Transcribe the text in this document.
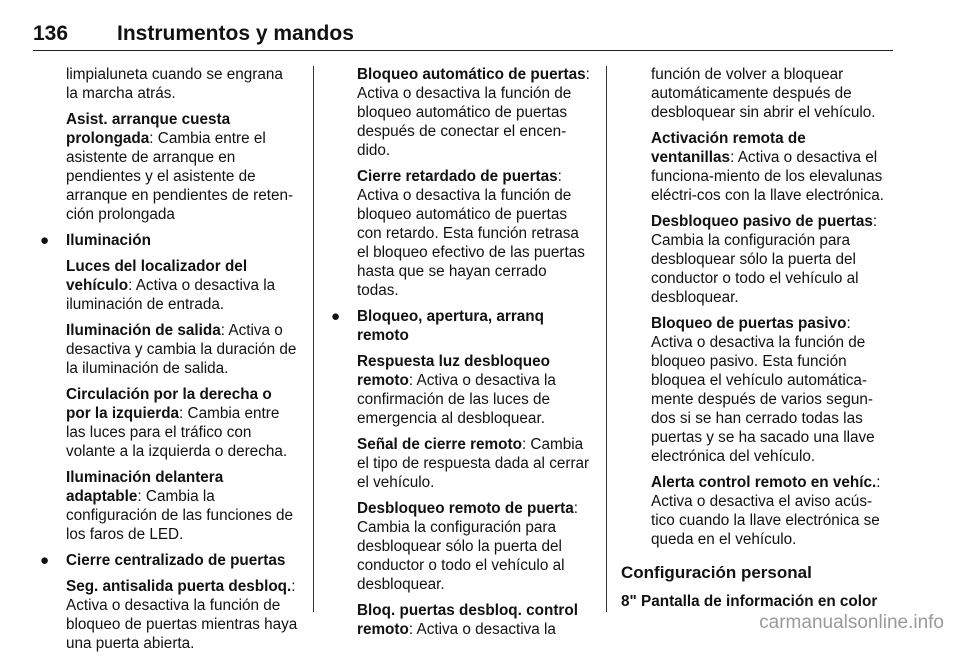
136 Instrumentos y mandos

limpialuneta cuando se engrana la marcha atrás.

Asist. arranque cuesta prolongada: Cambia entre el asistente de arranque en pendientes y el asistente de arranque en pendientes de reten‐ción prolongada

● Iluminación

Luces del localizador del vehículo: Activa o desactiva la iluminación de entrada.

Iluminación de salida: Activa o desactiva y cambia la duración de la iluminación de salida.

Circulación por la derecha o por la izquierda: Cambia entre las luces para el tráfico con volante a la izquierda o derecha.

Iluminación delantera adaptable: Cambia la configuración de las funciones de los faros de LED.

● Cierre centralizado de puertas

Seg. antisalida puerta desbloq.: Activa o desactiva la función de bloqueo de puertas mientras haya una puerta abierta.

Bloqueo automático de puertas: Activa o desactiva la función de bloqueo automático de puertas después de conectar el encen‐dido.

Cierre retardado de puertas: Activa o desactiva la función de bloqueo automático de puertas con retardo. Esta función retrasa el bloqueo efectivo de las puertas hasta que se hayan cerrado todas.

● Bloqueo, apertura, arranq remoto

Respuesta luz desbloqueo remoto: Activa o desactiva la confirmación de las luces de emergencia al desbloquear.

Señal de cierre remoto: Cambia el tipo de respuesta dada al cerrar el vehículo.

Desbloqueo remoto de puerta: Cambia la configuración para desbloquear sólo la puerta del conductor o todo el vehículo al desbloquear.

Bloq. puertas desbloq. control remoto: Activa o desactiva la

función de volver a bloquear automáticamente después de desbloquear sin abrir el vehículo.

Activación remota de ventanillas: Activa o desactiva el funciona‐miento de los elevalunas eléctri‐cos con la llave electrónica.

Desbloqueo pasivo de puertas: Cambia la configuración para desbloquear sólo la puerta del conductor o todo el vehículo al desbloquear.

Bloqueo de puertas pasivo: Activa o desactiva la función de bloqueo pasivo. Esta función bloquea el vehículo automática‐mente después de varios segun‐dos si se han cerrado todas las puertas y se ha sacado una llave electrónica del vehículo.

Alerta control remoto en vehíc.: Activa o desactiva el aviso acús‐tico cuando la llave electrónica se queda en el vehículo.

Configuración personal
8" Pantalla de información en color
carmanualsonline.info
